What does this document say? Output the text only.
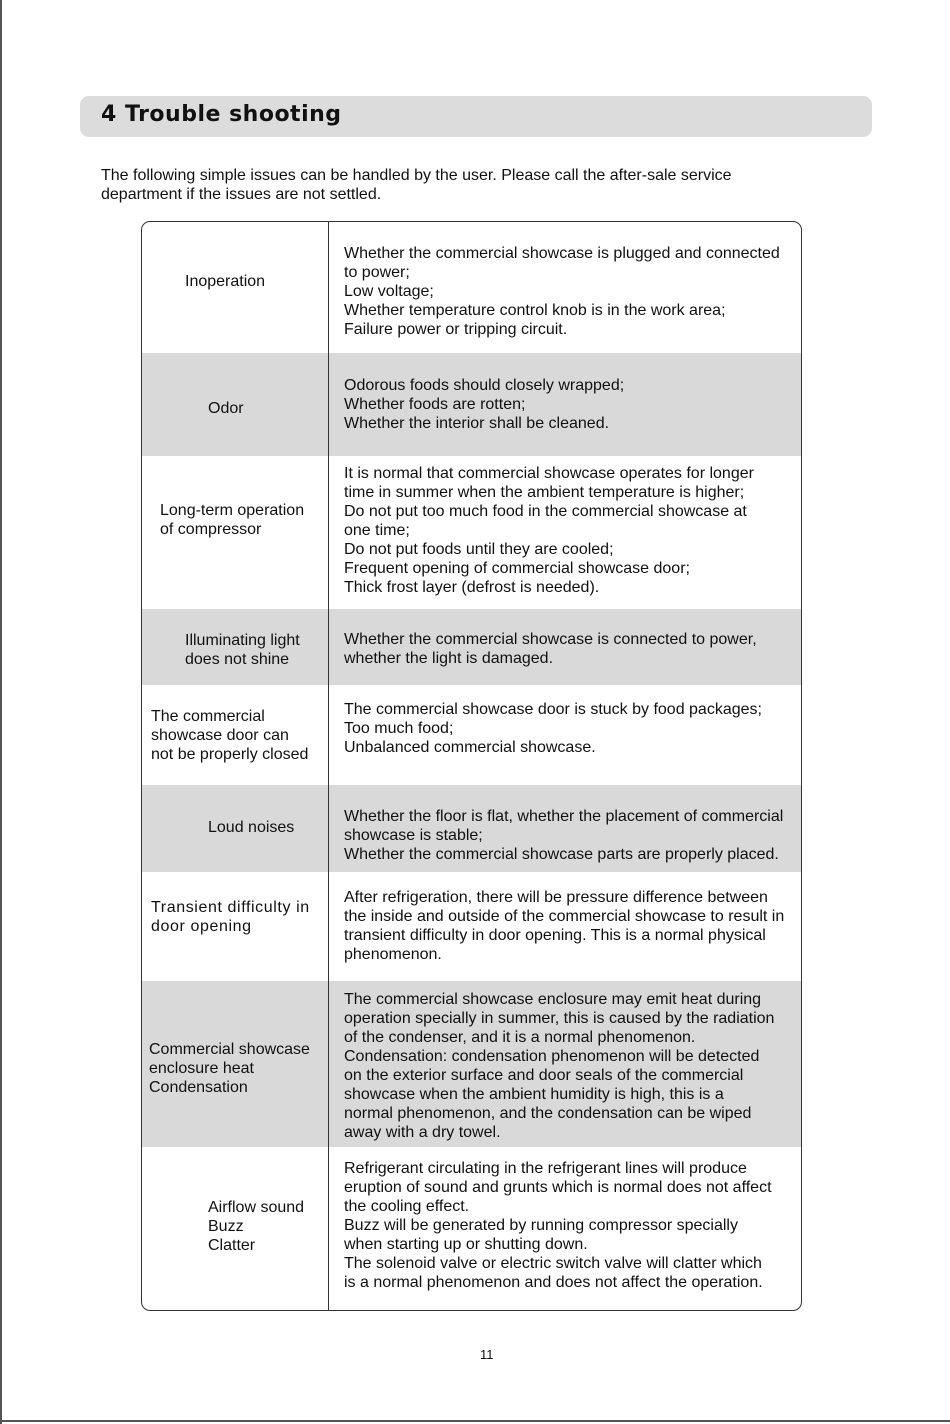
4 Trouble shooting
The following simple issues can be handled by the user. Please call the after-sale service
department if the issues are not settled.
Inoperation
Whether the commercial showcase is plugged and connected
to power;
Low voltage;
Whether temperature control knob is in the work area;
Failure power or tripping circuit.
Odor
Odorous foods should closely wrapped;
Whether foods are rotten;
Whether the interior shall be cleaned.
Long-term operation
of compressor
It is normal that commercial showcase operates for longer
time in summer when the ambient temperature is higher;
Do not put too much food in the commercial showcase at
one time;
Do not put foods until they are cooled;
Frequent opening of commercial showcase door;
Thick frost layer (defrost is needed).
Illuminating light
does not shine
Whether the commercial showcase is connected to power,
whether the light is damaged.
The commercial
showcase door can
not be properly closed
The commercial showcase door is stuck by food packages;
Too much food;
Unbalanced commercial showcase.
Loud noises
Whether the floor is flat, whether the placement of commercial
showcase is stable;
Whether the commercial showcase parts are properly placed.
Transient difficulty in
door opening
After refrigeration, there will be pressure difference between
the inside and outside of the commercial showcase to result in
transient difficulty in door opening. This is a normal physical
phenomenon.
Commercial showcase
enclosure heat
Condensation
The commercial showcase enclosure may emit heat during
operation specially in summer, this is caused by the radiation
of the condenser, and it is a normal phenomenon.
Condensation: condensation phenomenon will be detected
on the exterior surface and door seals of the commercial
showcase when the ambient humidity is high, this is a
normal phenomenon, and the condensation can be wiped
away with a dry towel.
Airflow sound
Buzz
Clatter
Refrigerant circulating in the refrigerant lines will produce
eruption of sound and grunts which is normal does not affect
the cooling effect.
Buzz will be generated by running compressor specially
when starting up or shutting down.
The solenoid valve or electric switch valve will clatter which
is a normal phenomenon and does not affect the operation.
11
